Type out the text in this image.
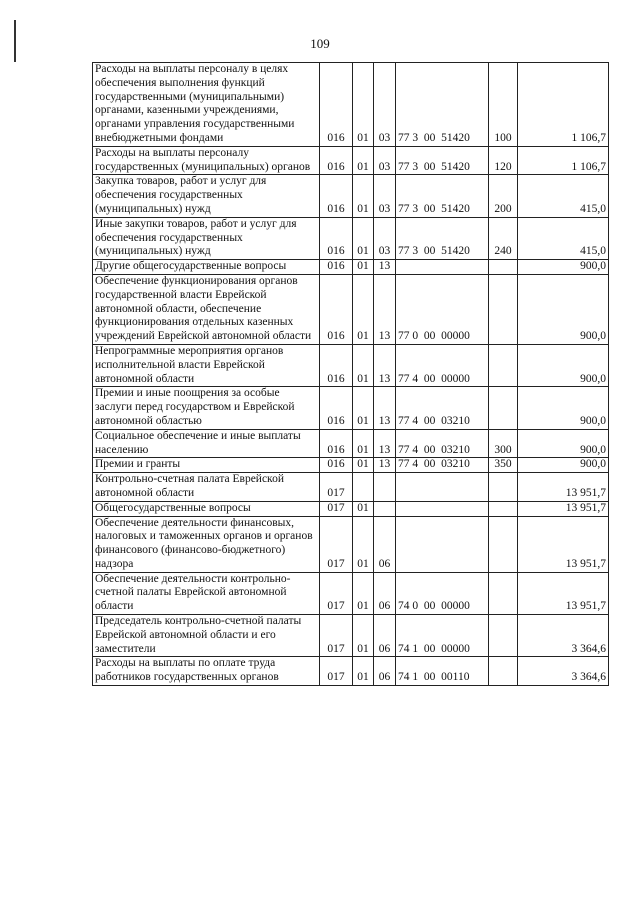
109
Расходы на выплаты персоналу в целях обеспечения выполнения функций государственными (муниципальными) органами, казенными учреждениями, органами управления государственными внебюджетными фондами	016	01	03	77 3  00  51420	100	1 106,7
Расходы на выплаты персоналу государственных (муниципальных) органов	016	01	03	77 3  00  51420	120	1 106,7
Закупка товаров, работ и услуг для обеспечения государственных (муниципальных) нужд	016	01	03	77 3  00  51420	200	415,0
Иные закупки товаров, работ и услуг для обеспечения государственных (муниципальных) нужд	016	01	03	77 3  00  51420	240	415,0
Другие общегосударственные вопросы	016	01	13			900,0
Обеспечение функционирования органов государственной власти Еврейской автономной области, обеспечение функционирования отдельных казенных учреждений Еврейской автономной области	016	01	13	77 0  00  00000		900,0
Непрограммные мероприятия органов исполнительной власти Еврейской автономной области	016	01	13	77 4  00  00000		900,0
Премии и иные поощрения за особые заслуги перед государством и Еврейской автономной областью	016	01	13	77 4  00  03210		900,0
Социальное обеспечение и иные выплаты населению	016	01	13	77 4  00  03210	300	900,0
Премии и гранты	016	01	13	77 4  00  03210	350	900,0
Контрольно-счетная палата Еврейской автономной области	017					13 951,7
Общегосударственные вопросы	017	01				13 951,7
Обеспечение деятельности финансовых, налоговых и таможенных органов и органов финансового (финансово-бюджетного) надзора	017	01	06			13 951,7
Обеспечение деятельности контрольно-счетной палаты Еврейской автономной области	017	01	06	74 0  00  00000		13 951,7
Председатель контрольно-счетной палаты Еврейской автономной области и его заместители	017	01	06	74 1  00  00000		3 364,6
Расходы на выплаты по оплате труда работников государственных органов	017	01	06	74 1  00  00110		3 364,6
